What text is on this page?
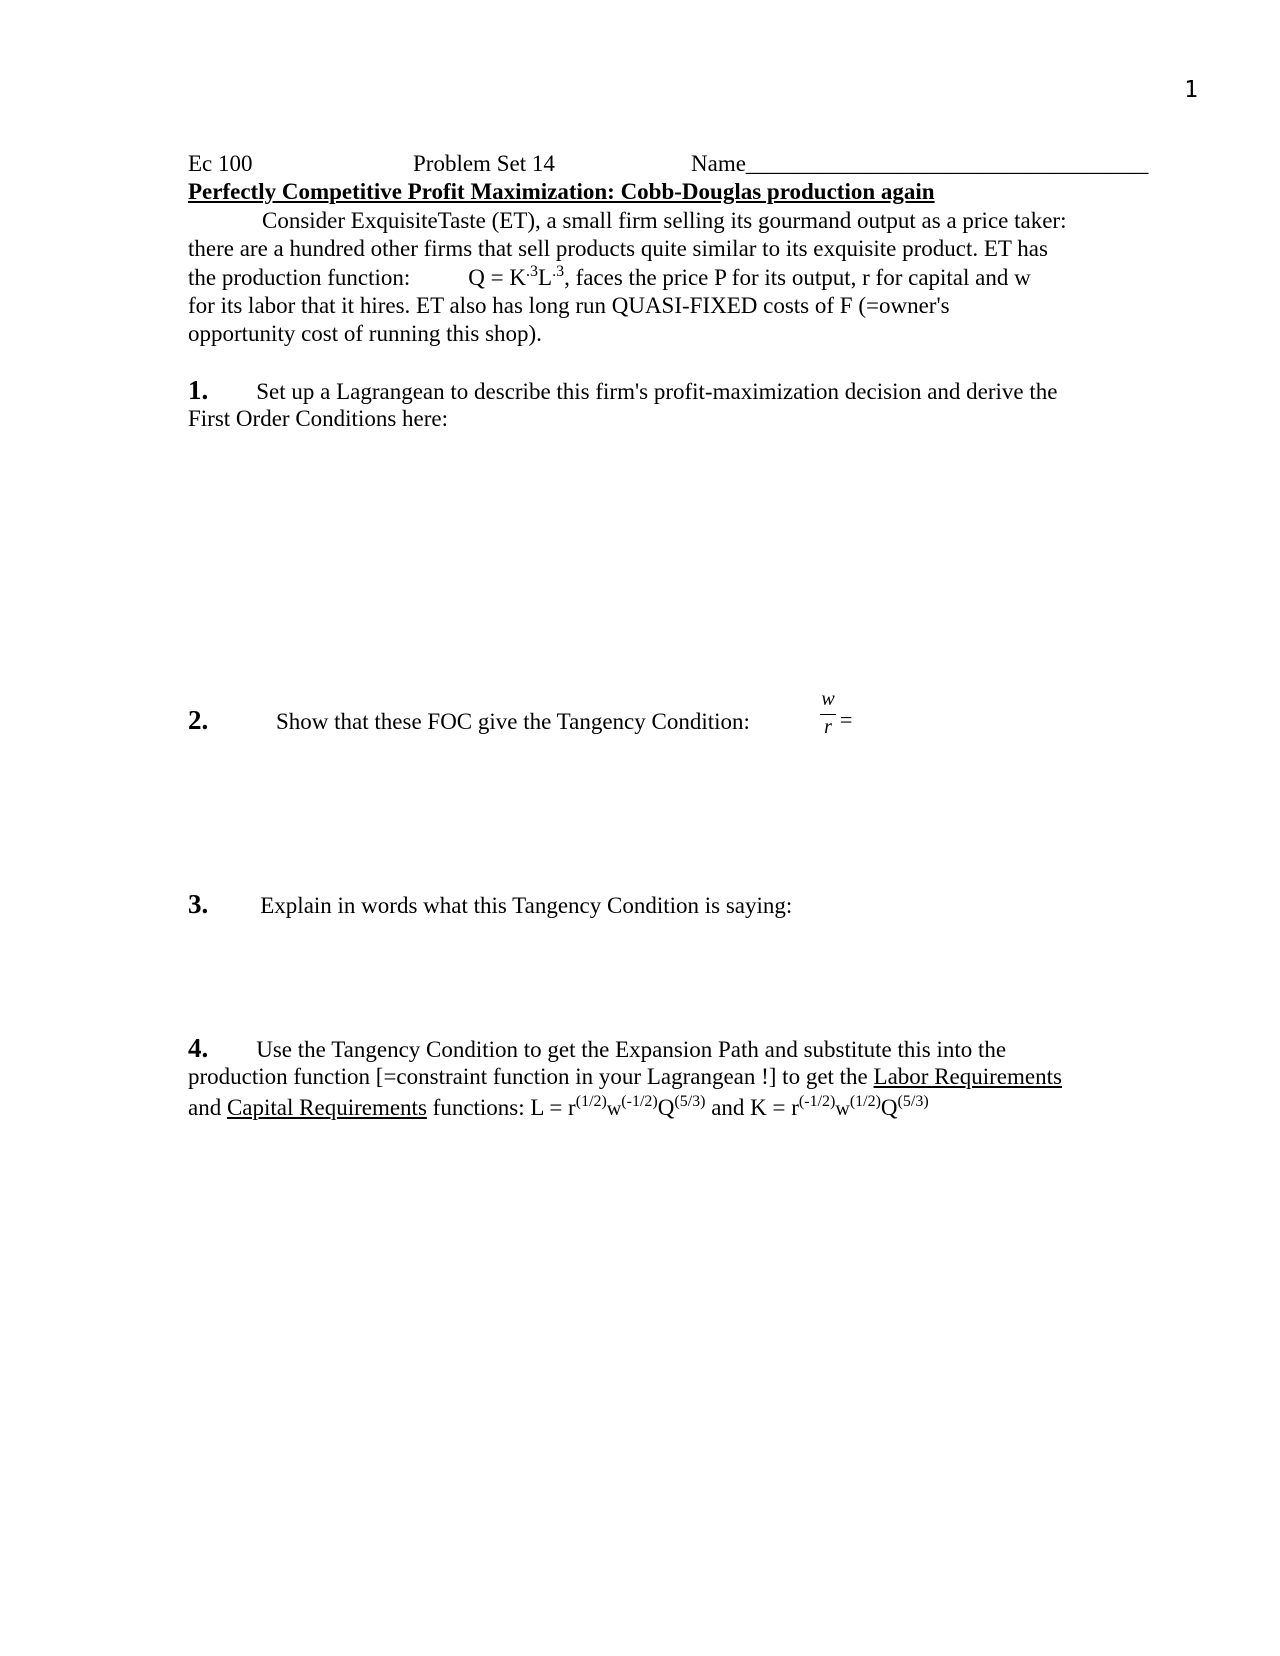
1
Ec 100	Problem Set 14	Name___________________________________
Perfectly Competitive Profit Maximization: Cobb-Douglas production again
Consider ExquisiteTaste (ET), a small firm selling its gourmand output as a price taker:
there are a hundred other firms that sell products quite similar to its exquisite product. ET has
the production function:	$Q = K^{.3}L^{.3}$, faces the price P for its output, r for capital and w
for its labor that it hires. ET also has long run QUASI-FIXED costs of F (=owner's
opportunity cost of running this shop).
1. Set up a Lagrangean to describe this firm's profit-maximization decision and derive the
First Order Conditions here:
2.	Show that these FOC give the Tangency Condition:
w
r =
3. Explain in words what this Tangency Condition is saying:
4. Use the Tangency Condition to get the Expansion Path and substitute this into the
production function [=constraint function in your Lagrangean !] to get the Labor Requirements
and Capital Requirements functions: $L = r^{(1/2)}w^{(-1/2)}Q^{(5/3)}$ and $K = r^{(-1/2)}w^{(1/2)}Q^{(5/3)}$
